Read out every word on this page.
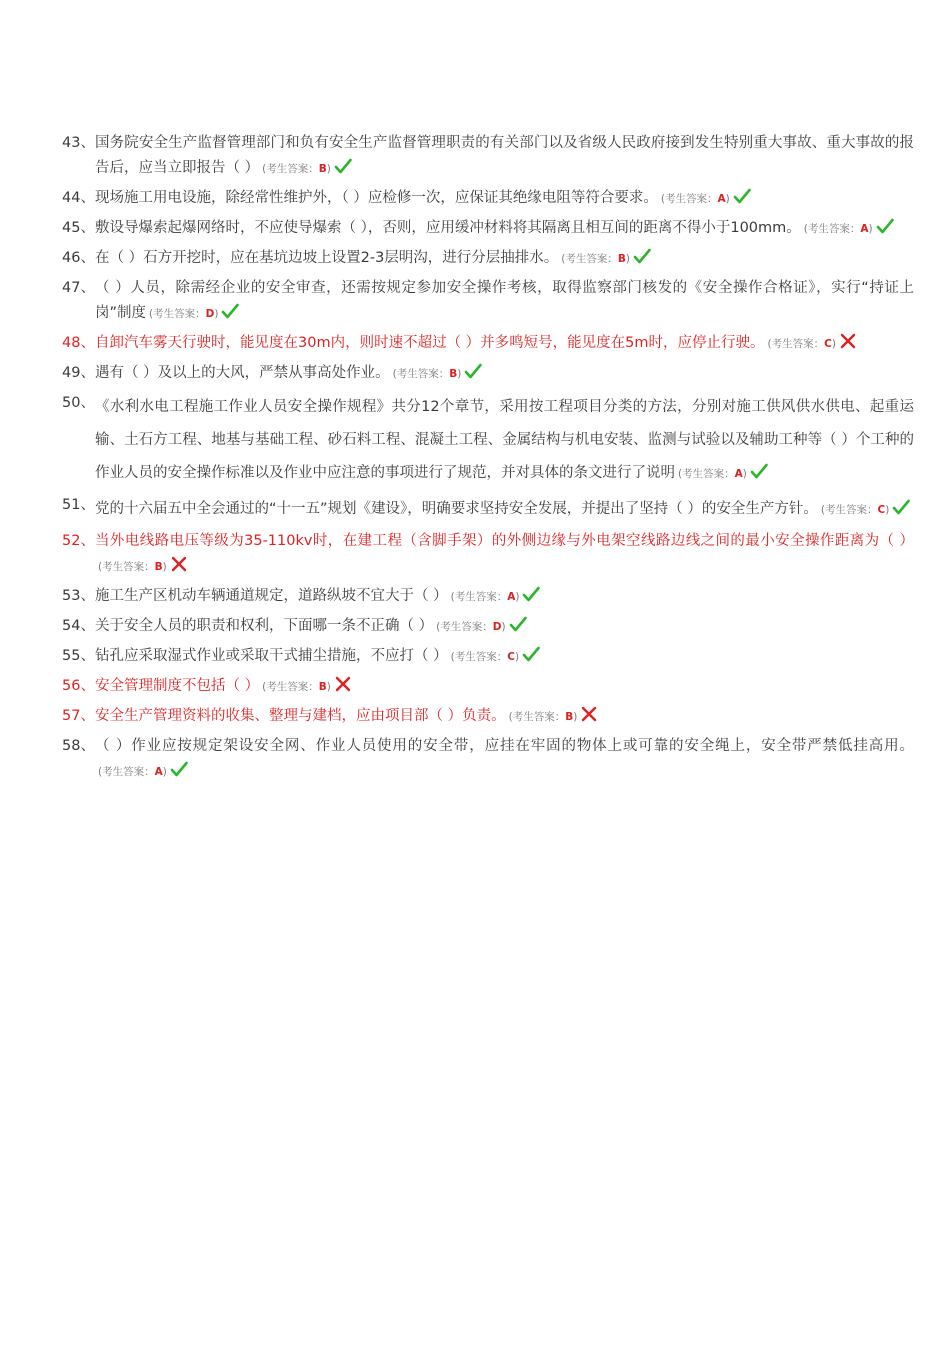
43、 国务院安全生产监督管理部门和负有安全生产监督管理职责的有关部门以及省级人民政府接到发生特别重大事故、重大事故的报告后，应当立即报告（ ） (考生答案：B)
44、 现场施工用电设施，除经常性维护外，（ ）应检修一次，应保证其绝缘电阻等符合要求。 (考生答案：A)
45、 敷设导爆索起爆网络时，不应使导爆索（ ），否则，应用缓冲材料将其隔离且相互间的距离不得小于100mm。 (考生答案：A)
46、 在（ ）石方开挖时，应在基坑边坡上设置2-3层明沟，进行分层抽排水。 (考生答案：B)
47、 （ ）人员，除需经企业的安全审查，还需按规定参加安全操作考核，取得监察部门核发的《安全操作合格证》，实行“持证上岗”制度 (考生答案：D)
48、 自卸汽车雾天行驶时，能见度在30m内，则时速不超过（ ）并多鸣短号，能见度在5m时，应停止行驶。 (考生答案：C)
49、 遇有（ ）及以上的大风，严禁从事高处作业。 (考生答案：B)
50、 《水利水电工程施工作业人员安全操作规程》共分12个章节，采用按工程项目分类的方法，分别对施工供风供水供电、起重运输、土石方工程、地基与基础工程、砂石料工程、混凝土工程、金属结构与机电安装、监测与试验以及辅助工种等（ ）个工种的作业人员的安全操作标准以及作业中应注意的事项进行了规范，并对具体的条文进行了说明 (考生答案：A)
51、 党的十六届五中全会通过的“十一五”规划《建设》，明确要求坚持安全发展，并提出了坚持（ ）的安全生产方针。 (考生答案：C)
52、 当外电线路电压等级为35-110kv时，在建工程（含脚手架）的外侧边缘与外电架空线路边线之间的最小安全操作距离为（ ）(考生答案：B)
53、 施工生产区机动车辆通道规定，道路纵坡不宜大于（ ） (考生答案：A)
54、 关于安全人员的职责和权利，下面哪一条不正确（ ） (考生答案：D)
55、 钻孔应采取湿式作业或采取干式捕尘措施，不应打（ ） (考生答案：C)
56、 安全管理制度不包括（ ） (考生答案：B)
57、 安全生产管理资料的收集、整理与建档，应由项目部（ ）负责。 (考生答案：B)
58、 （ ）作业应按规定架设安全网、作业人员使用的安全带，应挂在牢固的物体上或可靠的安全绳上，安全带严禁低挂高用。(考生答案：A)
